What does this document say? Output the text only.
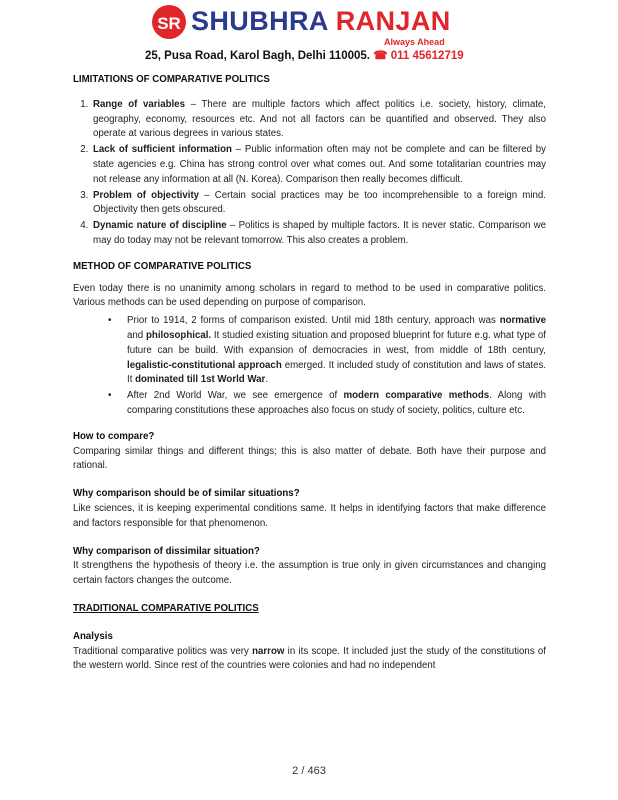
SR SHUBHRA RANJAN
Always Ahead
25, Pusa Road, Karol Bagh, Delhi 110005. ☎ 011 45612719
LIMITATIONS OF COMPARATIVE POLITICS
1. Range of variables – There are multiple factors which affect politics i.e. society, history, climate, geography, economy, resources etc. And not all factors can be quantified and observed. They also operate at various degrees in various states.
2. Lack of sufficient information – Public information often may not be complete and can be filtered by state agencies e.g. China has strong control over what comes out. And some totalitarian countries may not release any information at all (N. Korea). Comparison then really becomes difficult.
3. Problem of objectivity – Certain social practices may be too incomprehensible to a foreign mind. Objectivity then gets obscured.
4. Dynamic nature of discipline – Politics is shaped by multiple factors. It is never static. Comparison we may do today may not be relevant tomorrow. This also creates a problem.
METHOD OF COMPARATIVE POLITICS

Even today there is no unanimity among scholars in regard to method to be used in comparative politics. Various methods can be used depending on purpose of comparison.

• Prior to 1914, 2 forms of comparison existed. Until mid 18th century, approach was normative and philosophical. It studied existing situation and proposed blueprint for future e.g. what type of future can be build. With expansion of democracies in west, from middle of 18th century, legalistic-constitutional approach emerged. It included study of constitution and laws of states. It dominated till 1st World War.
• After 2nd World War, we see emergence of modern comparative methods. Along with comparing constitutions these approaches also focus on study of society, politics, culture etc.
How to compare?

Comparing similar things and different things; this is also matter of debate. Both have their purpose and rational.

Why comparison should be of similar situations?

Like sciences, it is keeping experimental conditions same. It helps in identifying factors that make difference and factors responsible for that phenomenon.

Why comparison of dissimilar situation?

It strengthens the hypothesis of theory i.e. the assumption is true only in given circumstances and changing certain factors changes the outcome.

TRADITIONAL COMPARATIVE POLITICS
Analysis

Traditional comparative politics was very narrow in its scope. It included just the study of the constitutions of the western world. Since rest of the countries were colonies and had no independent

2 / 463
